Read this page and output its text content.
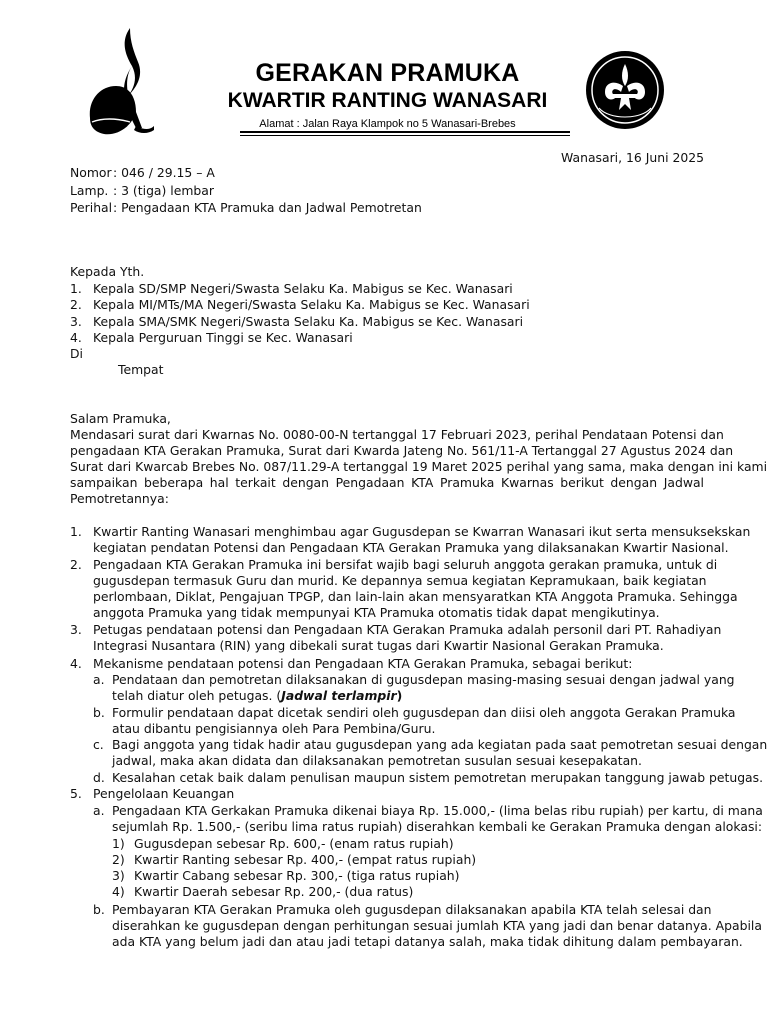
GERAKAN PRAMUKA
KWARTIR RANTING WANASARI
Alamat : Jalan Raya Klampok no 5 Wanasari-Brebes
Wanasari, 16 Juni 2025
Nomor : 046 / 29.15 – A
Lamp. : 3 (tiga) lembar
Perihal : Pengadaan KTA Pramuka dan Jadwal Pemotretan
Kepada Yth.
1. Kepala SD/SMP Negeri/Swasta Selaku Ka. Mabigus se Kec. Wanasari
2. Kepala MI/MTs/MA Negeri/Swasta Selaku Ka. Mabigus se Kec. Wanasari
3. Kepala SMA/SMK Negeri/Swasta Selaku Ka. Mabigus se Kec. Wanasari
4. Kepala Perguruan Tinggi se Kec. Wanasari
Di
Tempat
Salam Pramuka,
Mendasari surat dari Kwarnas No. 0080-00-N tertanggal 17 Februari 2023, perihal Pendataan Potensi dan
pengadaan KTA Gerakan Pramuka, Surat dari Kwarda Jateng No. 561/11-A Tertanggal 27 Agustus 2024 dan
Surat dari Kwarcab Brebes No. 087/11.29-A tertanggal 19 Maret 2025 perihal yang sama, maka dengan ini kami
sampaikan beberapa hal terkait dengan Pengadaan KTA Pramuka Kwarnas berikut dengan Jadwal
Pemotretannya:
1. Kwartir Ranting Wanasari menghimbau agar Gugusdepan se Kwarran Wanasari ikut serta mensuksekskan
kegiatan pendatan Potensi dan Pengadaan KTA Gerakan Pramuka yang dilaksanakan Kwartir Nasional.
2. Pengadaan KTA Gerakan Pramuka ini bersifat wajib bagi seluruh anggota gerakan pramuka, untuk di
gugusdepan termasuk Guru dan murid. Ke depannya semua kegiatan Kepramukaan, baik kegiatan
perlombaan, Diklat, Pengajuan TPGP, dan lain-lain akan mensyaratkan KTA Anggota Pramuka. Sehingga
anggota Pramuka yang tidak mempunyai KTA Pramuka otomatis tidak dapat mengikutinya.
3. Petugas pendataan potensi dan Pengadaan KTA Gerakan Pramuka adalah personil dari PT. Rahadiyan
Integrasi Nusantara (RIN) yang dibekali surat tugas dari Kwartir Nasional Gerakan Pramuka.
4. Mekanisme pendataan potensi dan Pengadaan KTA Gerakan Pramuka, sebagai berikut:
a. Pendataan dan pemotretan dilaksanakan di gugusdepan masing-masing sesuai dengan jadwal yang
telah diatur oleh petugas. (Jadwal terlampir)
b. Formulir pendataan dapat dicetak sendiri oleh gugusdepan dan diisi oleh anggota Gerakan Pramuka
atau dibantu pengisiannya oleh Para Pembina/Guru.
c. Bagi anggota yang tidak hadir atau gugusdepan yang ada kegiatan pada saat pemotretan sesuai dengan
jadwal, maka akan didata dan dilaksanakan pemotretan susulan sesuai kesepakatan.
d. Kesalahan cetak baik dalam penulisan maupun sistem pemotretan merupakan tanggung jawab petugas.
5. Pengelolaan Keuangan
a. Pengadaan KTA Gerkakan Pramuka dikenai biaya Rp. 15.000,- (lima belas ribu rupiah) per kartu, di mana
sejumlah Rp. 1.500,- (seribu lima ratus rupiah) diserahkan kembali ke Gerakan Pramuka dengan alokasi:
1) Gugusdepan sebesar Rp. 600,- (enam ratus rupiah)
2) Kwartir Ranting sebesar Rp. 400,- (empat ratus rupiah)
3) Kwartir Cabang sebesar Rp. 300,- (tiga ratus rupiah)
4) Kwartir Daerah sebesar Rp. 200,- (dua ratus)
b. Pembayaran KTA Gerakan Pramuka oleh gugusdepan dilaksanakan apabila KTA telah selesai dan
diserahkan ke gugusdepan dengan perhitungan sesuai jumlah KTA yang jadi dan benar datanya. Apabila
ada KTA yang belum jadi dan atau jadi tetapi datanya salah, maka tidak dihitung dalam pembayaran.
